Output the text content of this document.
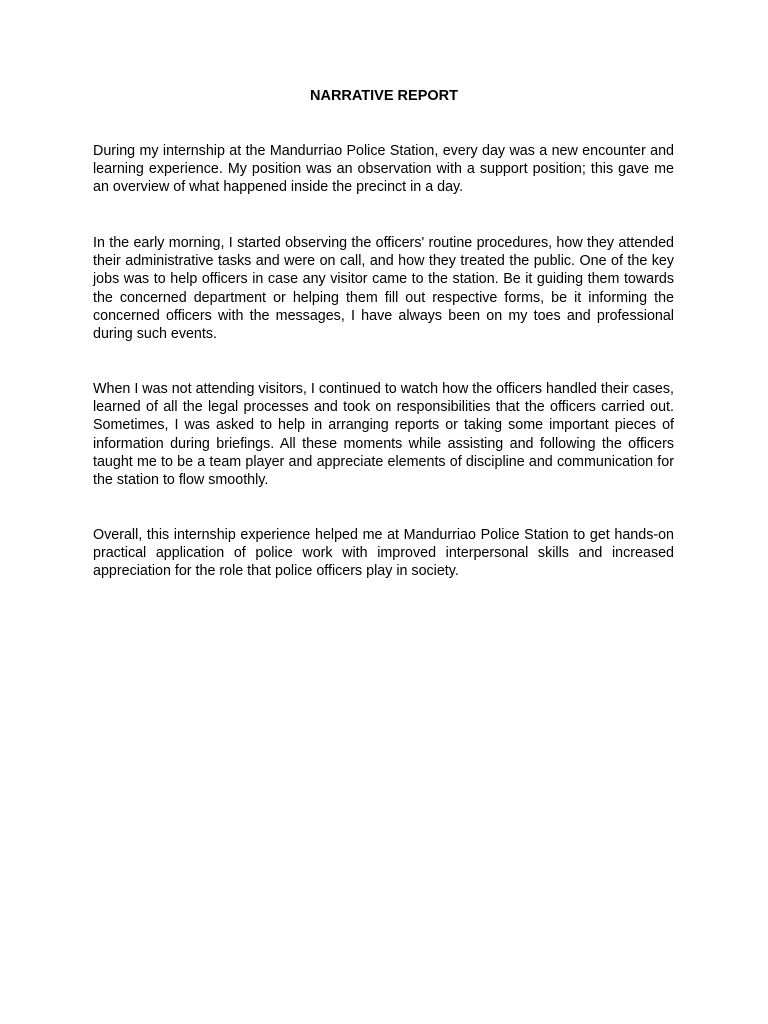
NARRATIVE REPORT

During my internship at the Mandurriao Police Station, every day was a new encounter and learning experience. My position was an observation with a support position; this gave me an overview of what happened inside the precinct in a day.

In the early morning, I started observing the officers' routine procedures, how they attended their administrative tasks and were on call, and how they treated the public. One of the key jobs was to help officers in case any visitor came to the station. Be it guiding them towards the concerned department or helping them fill out respective forms, be it informing the concerned officers with the messages, I have always been on my toes and professional during such events.

When I was not attending visitors, I continued to watch how the officers handled their cases, learned of all the legal processes and took on responsibilities that the officers carried out. Sometimes, I was asked to help in arranging reports or taking some important pieces of information during briefings. All these moments while assisting and following the officers taught me to be a team player and appreciate elements of discipline and communication for the station to flow smoothly.

Overall, this internship experience helped me at Mandurriao Police Station to get hands-on practical application of police work with improved interpersonal skills and increased appreciation for the role that police officers play in society.
